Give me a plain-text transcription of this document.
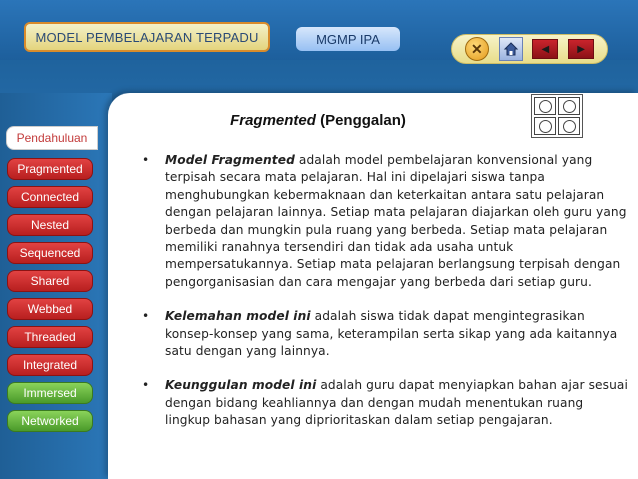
MODEL PEMBELAJARAN TERPADU	MGMP IPA
✕	◀	▶
Pendahuluan
Pragmented
Connected
Nested
Sequenced
Shared
Webbed
Threaded
Integrated
Immersed
Networked
Fragmented (Penggalan)
• Model Fragmented adalah model pembelajaran konvensional yang terpisah secara mata pelajaran. Hal ini dipelajari siswa tanpa menghubungkan kebermaknaan dan keterkaitan antara satu pelajaran dengan pelajaran lainnya. Setiap mata pelajaran diajarkan oleh guru yang berbeda dan mungkin pula ruang yang berbeda. Setiap mata pelajaran memiliki ranahnya tersendiri dan tidak ada usaha untuk mempersatukannya. Setiap mata pelajaran berlangsung terpisah dengan pengorganisasian dan cara mengajar yang berbeda dari setiap guru.
• Kelemahan model ini adalah siswa tidak dapat mengintegrasikan konsep-konsep yang sama, keterampilan serta sikap yang ada kaitannya satu dengan yang lainnya.
• Keunggulan model ini adalah guru dapat menyiapkan bahan ajar sesuai dengan bidang keahliannya dan dengan mudah menentukan ruang lingkup bahasan yang diprioritaskan dalam setiap pengajaran.
